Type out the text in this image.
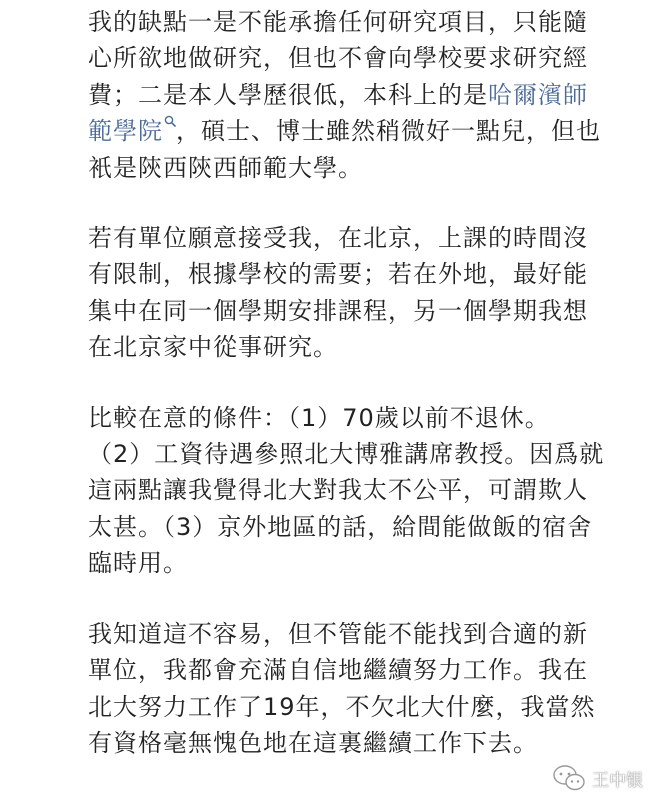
我的缺點一是不能承擔任何研究項目，只能隨
心所欲地做研究，但也不會向學校要求研究經
費；二是本人學歷很低，本科上的是哈爾濱師
範學院 ，碩士、博士雖然稍微好一點兒，但也
衹是陝西陝西師範大學。
若有單位願意接受我，在北京，上課的時間沒
有限制，根據學校的需要；若在外地，最好能
集中在同一個學期安排課程，另一個學期我想
在北京家中從事研究。
比較在意的條件：（1）70歲以前不退休。
（2）工資待遇參照北大博雅講席教授。因爲就
這兩點讓我覺得北大對我太不公平，可謂欺人
太甚。（3）京外地區的話，給間能做飯的宿舍
臨時用。
我知道這不容易，但不管能不能找到合適的新
單位，我都會充滿自信地繼續努力工作。我在
北大努力工作了19年，不欠北大什麼，我當然
有資格毫無愧色地在這裏繼續工作下去。
王中银
